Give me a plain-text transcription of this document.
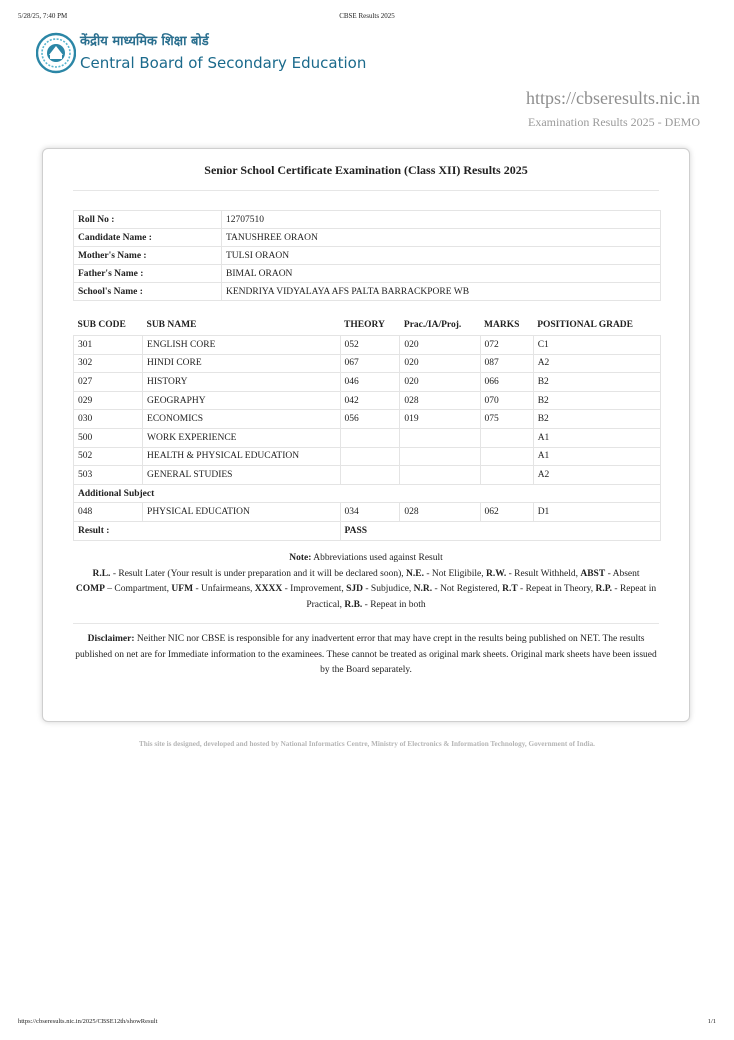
5/28/25, 7:40 PM	CBSE Results 2025
केंद्रीय माध्यमिक शिक्षा बोर्ड
Central Board of Secondary Education
https://cbseresults.nic.in
Examination Results 2025 - DEMO
Senior School Certificate Examination (Class XII) Results 2025
Roll No :	12707510
Candidate Name :	TANUSHREE ORAON
Mother's Name :	TULSI ORAON
Father's Name :	BIMAL ORAON
School's Name :	KENDRIYA VIDYALAYA AFS PALTA BARRACKPORE WB
SUB CODE	SUB NAME	THEORY	Prac./IA/Proj.	MARKS	POSITIONAL GRADE
301	ENGLISH CORE	052	020	072	C1
302	HINDI CORE	067	020	087	A2
027	HISTORY	046	020	066	B2
029	GEOGRAPHY	042	028	070	B2
030	ECONOMICS	056	019	075	B2
500	WORK EXPERIENCE				A1
502	HEALTH & PHYSICAL EDUCATION				A1
503	GENERAL STUDIES				A2
Additional Subject					
048	PHYSICAL EDUCATION	034	028	062	D1
Result :		PASS			
Note: Abbreviations used against Result
R.L. - Result Later (Your result is under preparation and it will be declared soon), N.E. - Not Eligibile, R.W. - Result Withheld, ABST - Absent
COMP – Compartment, UFM - Unfairmeans, XXXX - Improvement, SJD - Subjudice, N.R. - Not Registered, R.T - Repeat in Theory, R.P. - Repeat in Practical, R.B. - Repeat in both
Disclaimer: Neither NIC nor CBSE is responsible for any inadvertent error that may have crept in the results being published on NET. The results published on net are for Immediate information to the examinees. These cannot be treated as original mark sheets. Original mark sheets have been issued by the Board separately.
This site is designed, developed and hosted by National Informatics Centre, Ministry of Electronics & Information Technology, Government of India.
https://cbseresults.nic.in/2025/CBSE12th/showResult	1/1
